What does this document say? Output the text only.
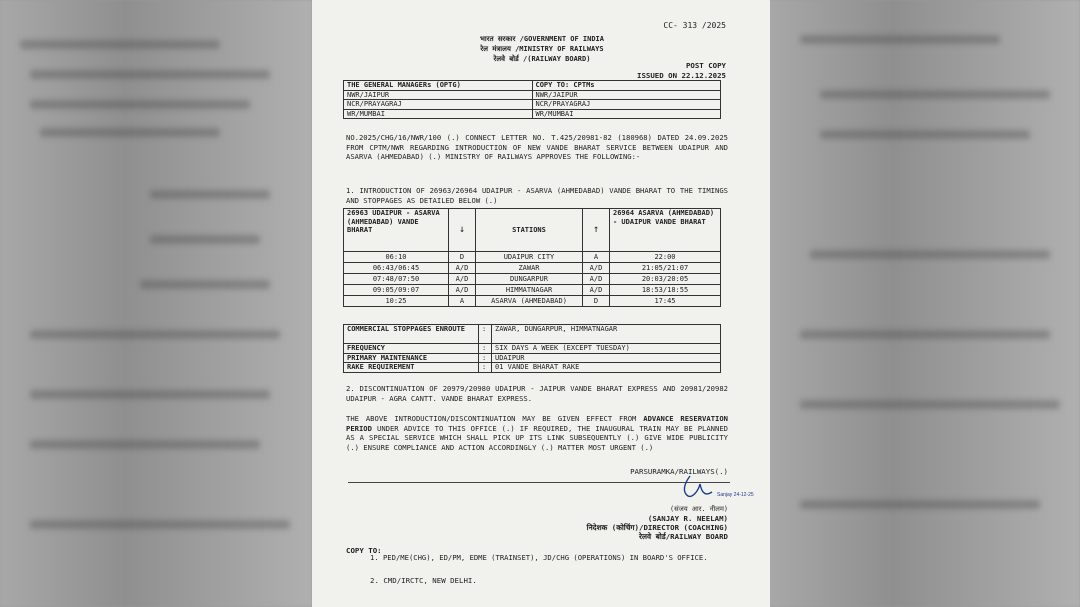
CC- 313 /2025
भारत सरकार /GOVERNMENT OF INDIA
रेल मंत्रालय /MINISTRY OF RAILWAYS
रेलवे बोर्ड /(RAILWAY BOARD)
POST COPY
ISSUED ON 22.12.2025
THE GENERAL MANAGERs (OPTG)	COPY TO: CPTMs
NWR/JAIPUR	NWR/JAIPUR
NCR/PRAYAGRAJ	NCR/PRAYAGRAJ
WR/MUMBAI	WR/MUMBAI
NO.2025/CHG/16/NWR/100 (.) CONNECT LETTER NO. T.425/20981-82 (180968) DATED 24.09.2025 FROM CPTM/NWR REGARDING INTRODUCTION OF NEW VANDE BHARAT SERVICE BETWEEN UDAIPUR AND ASARVA (AHMEDABAD) (.) MINISTRY OF RAILWAYS APPROVES THE FOLLOWING:-
1. INTRODUCTION OF 26963/26964 UDAIPUR - ASARVA (AHMEDABAD) VANDE BHARAT TO THE TIMINGS AND STOPPAGES AS DETAILED BELOW (.)
26963 UDAIPUR - ASARVA (AHMEDABAD) VANDE BHARAT	↓	STATIONS	↑	26964 ASARVA (AHMEDABAD) - UDAIPUR VANDE BHARAT
06:10	D	UDAIPUR CITY	A	22:00
06:43/06:45	A/D	ZAWAR	A/D	21:05/21:07
07:48/07:50	A/D	DUNGARPUR	A/D	20:03/20:05
09:05/09:07	A/D	HIMMATNAGAR	A/D	18:53/18:55
10:25	A	ASARVA (AHMEDABAD)	D	17:45
COMMERCIAL STOPPAGES ENROUTE	:	ZAWAR, DUNGARPUR, HIMMATNAGAR
FREQUENCY	:	SIX DAYS A WEEK (EXCEPT TUESDAY)
PRIMARY MAINTENANCE	:	UDAIPUR
RAKE REQUIREMENT	:	01 VANDE BHARAT RAKE
2. DISCONTINUATION OF 20979/20980 UDAIPUR - JAIPUR VANDE BHARAT EXPRESS AND 20981/20982 UDAIPUR - AGRA CANTT. VANDE BHARAT EXPRESS.
THE ABOVE INTRODUCTION/DISCONTINUATION MAY BE GIVEN EFFECT FROM ADVANCE RESERVATION PERIOD UNDER ADVICE TO THIS OFFICE (.) IF REQUIRED, THE INAUGURAL TRAIN MAY BE PLANNED AS A SPECIAL SERVICE WHICH SHALL PICK UP ITS LINK SUBSEQUENTLY (.) GIVE WIDE PUBLICITY (.) ENSURE COMPLIANCE AND ACTION ACCORDINGLY (.) MATTER MOST URGENT (.)
PARSURAMKA/RAILWAYS(.)
Sanjay 24-12-25
(संजय आर. नीलम)
(SANJAY R. NEELAM)
निदेशक (कोचिंग)/DIRECTOR (COACHING)
रेलवे बोर्ड/RAILWAY BOARD
COPY TO:
1. PED/ME(CHG), ED/PM, EDME (TRAINSET), JD/CHG (OPERATIONS) IN BOARD'S OFFICE.
2. CMD/IRCTC, NEW DELHI.
